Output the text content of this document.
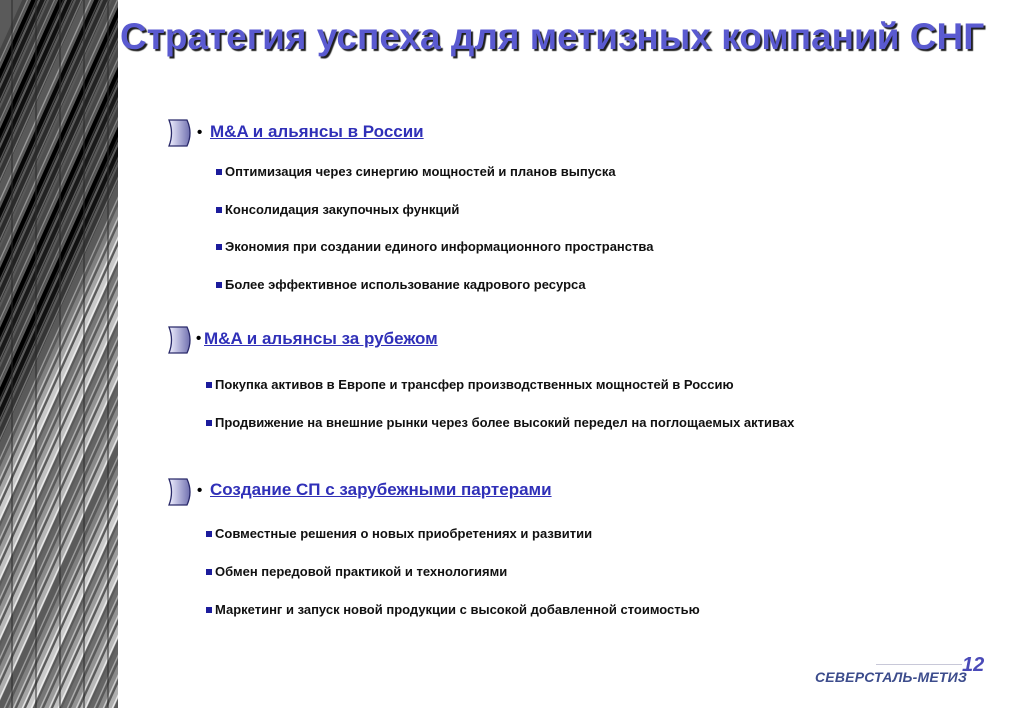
Стратегия успеха для метизных компаний СНГ
• M&A и альянсы в России
Оптимизация через синергию мощностей и планов выпуска
Консолидация закупочных функций
Экономия при создании единого информационного пространства
Более эффективное использование кадрового ресурса
• M&A и альянсы за рубежом
Покупка активов в Европе и трансфер производственных мощностей в Россию
Продвижение на внешние рынки через более высокий передел на поглощаемых активах
• Создание СП с зарубежными партерами
Совместные решения о новых приобретениях и развитии
Обмен передовой практикой и технологиями
Маркетинг и запуск новой продукции с высокой добавленной стоимостью
12
СЕВЕРСТАЛЬ-МЕТИЗ
